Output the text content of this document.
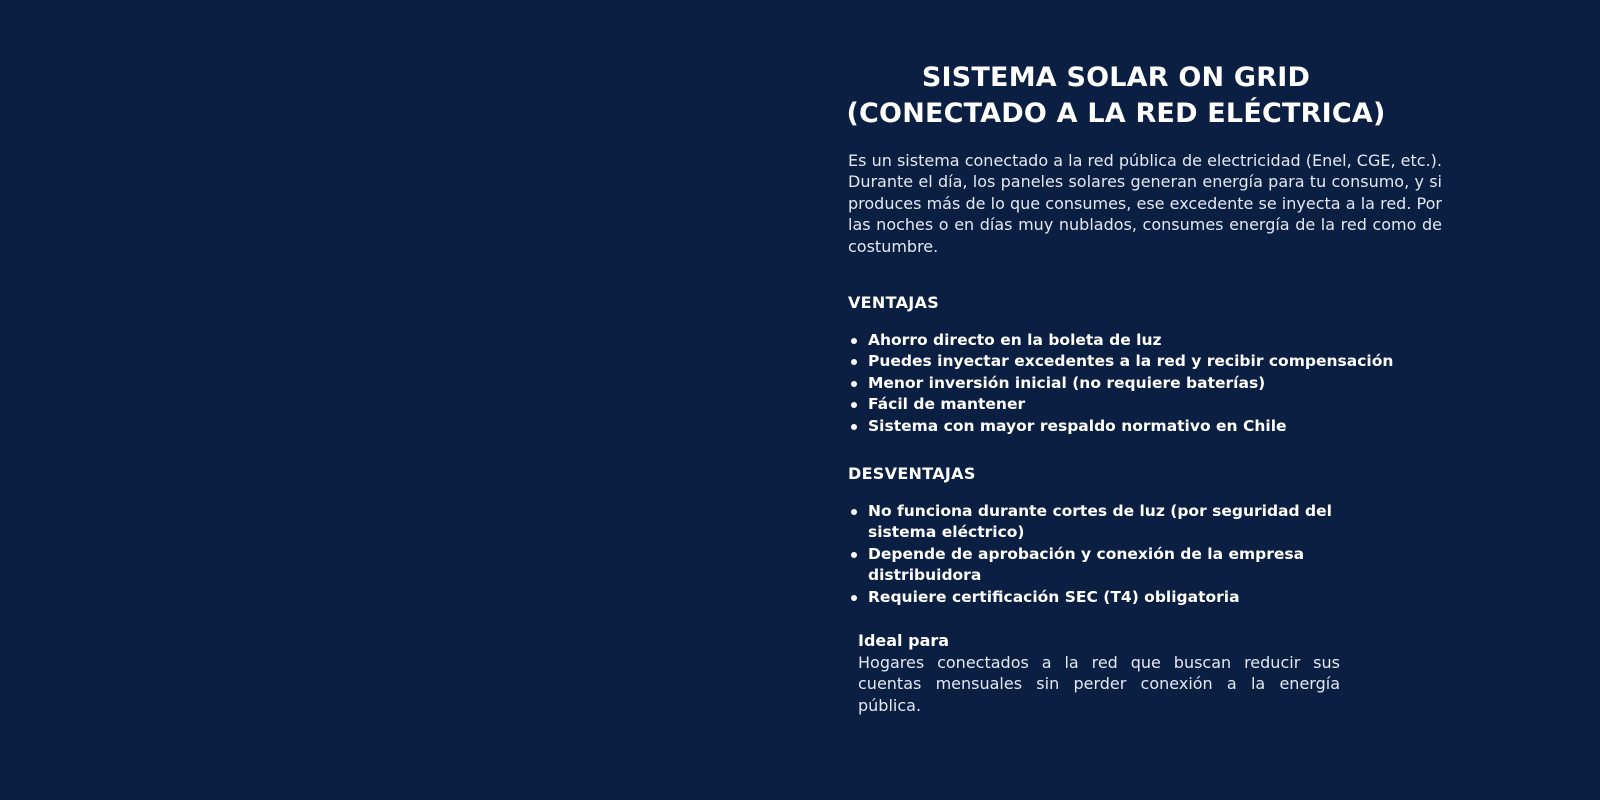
SISTEMA SOLAR ON GRID
(CONECTADO A LA RED ELÉCTRICA)

Es un sistema conectado a la red pública de electricidad (Enel, CGE, etc.). Durante el día, los paneles solares generan energía para tu consumo, y si produces más de lo que consumes, ese excedente se inyecta a la red. Por las noches o en días muy nublados, consumes energía de la red como de costumbre.

VENTAJAS
Ahorro directo en la boleta de luz
Puedes inyectar excedentes a la red y recibir compensación
Menor inversión inicial (no requiere baterías)
Fácil de mantener
Sistema con mayor respaldo normativo en Chile
DESVENTAJAS
No funciona durante cortes de luz (por seguridad del sistema eléctrico)
Depende de aprobación y conexión de la empresa distribuidora
Requiere certificación SEC (T4) obligatoria
Ideal para

Hogares conectados a la red que buscan reducir sus cuentas mensuales sin perder conexión a la energía pública.
